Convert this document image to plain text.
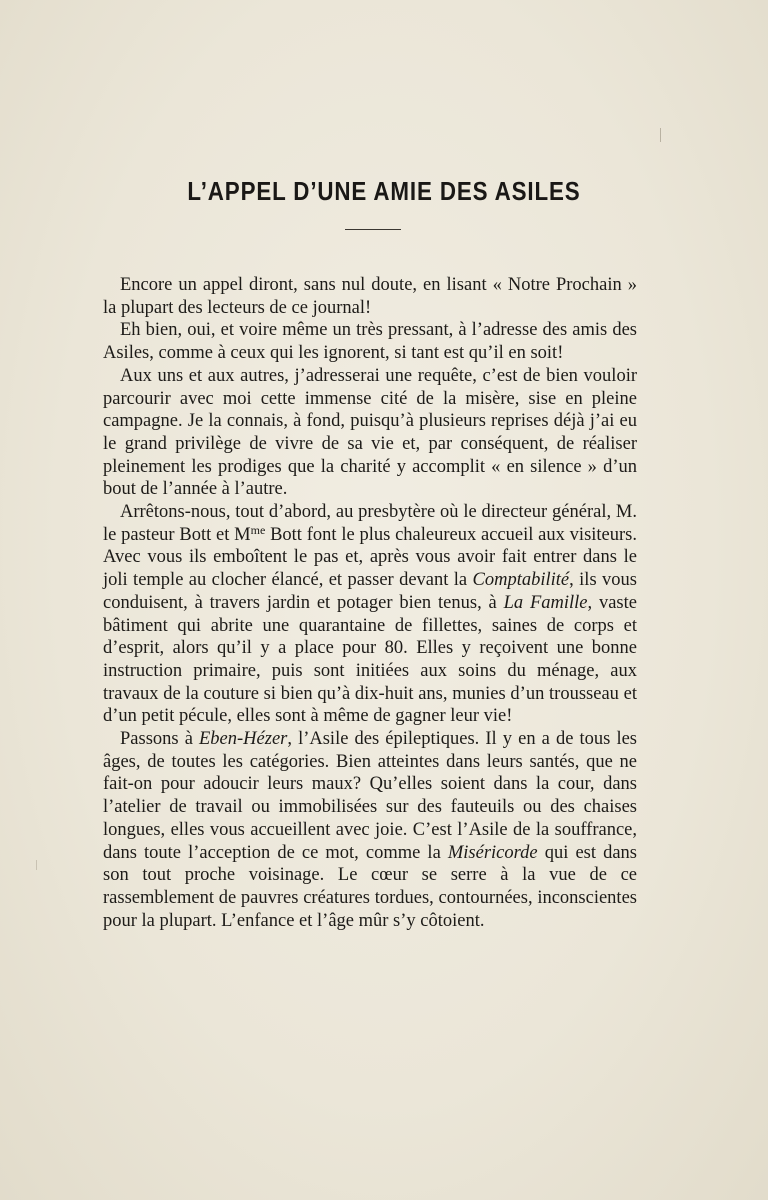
L’APPEL D’UNE AMIE DES ASILES

Encore un appel diront, sans nul doute, en lisant « Notre Prochain » la plupart des lecteurs de ce journal!

Eh bien, oui, et voire même un très pressant, à l’adresse des amis des Asiles, comme à ceux qui les ignorent, si tant est qu’il en soit!

Aux uns et aux autres, j’adresserai une requête, c’est de bien vouloir parcourir avec moi cette immense cité de la misère, sise en pleine campagne. Je la connais, à fond, puisqu’à plusieurs reprises déjà j’ai eu le grand privilège de vivre de sa vie et, par conséquent, de réaliser pleinement les prodiges que la charité y accomplit « en silence » d’un bout de l’année à l’autre.

Arrêtons-nous, tout d’abord, au presbytère où le directeur général, M. le pasteur Bott et $M^{me}$ Bott font le plus chaleureux accueil aux visiteurs. Avec vous ils emboîtent le pas et, après vous avoir fait entrer dans le joli temple au clocher élancé, et passer devant la Comptabilité, ils vous conduisent, à travers jardin et potager bien tenus, à La Famille, vaste bâtiment qui abrite une quarantaine de fillettes, saines de corps et d’esprit, alors qu’il y a place pour 80. Elles y reçoivent une bonne instruction primaire, puis sont initiées aux soins du ménage, aux travaux de la couture si bien qu’à dix-huit ans, munies d’un trousseau et d’un petit pécule, elles sont à même de gagner leur vie!

Passons à Eben-Hézer, l’Asile des épileptiques. Il y en a de tous les âges, de toutes les catégories. Bien atteintes dans leurs santés, que ne fait-on pour adoucir leurs maux? Qu’elles soient dans la cour, dans l’atelier de travail ou immobilisées sur des fauteuils ou des chaises longues, elles vous accueillent avec joie. C’est l’Asile de la souffrance, dans toute l’acception de ce mot, comme la Miséricorde qui est dans son tout proche voisinage. Le cœur se serre à la vue de ce rassemblement de pauvres créatures tordues, contournées, inconscientes pour la plupart. L’enfance et l’âge mûr s’y côtoient.
